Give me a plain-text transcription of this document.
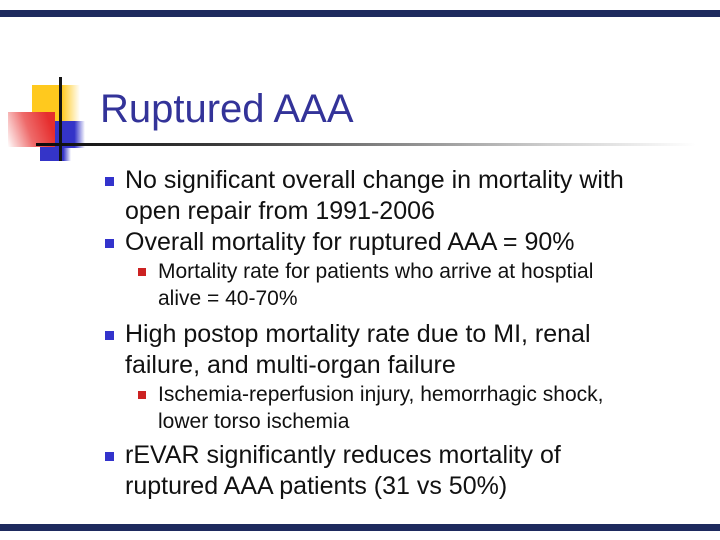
Ruptured AAA
No significant overall change in mortality with
open repair from 1991-2006
Overall mortality for ruptured AAA = 90%
Mortality rate for patients who arrive at hosptial
alive = 40-70%
High postop mortality rate due to MI, renal
failure, and multi-organ failure
Ischemia-reperfusion injury, hemorrhagic shock,
lower torso ischemia
rEVAR significantly reduces mortality of
ruptured AAA patients (31 vs 50%)
